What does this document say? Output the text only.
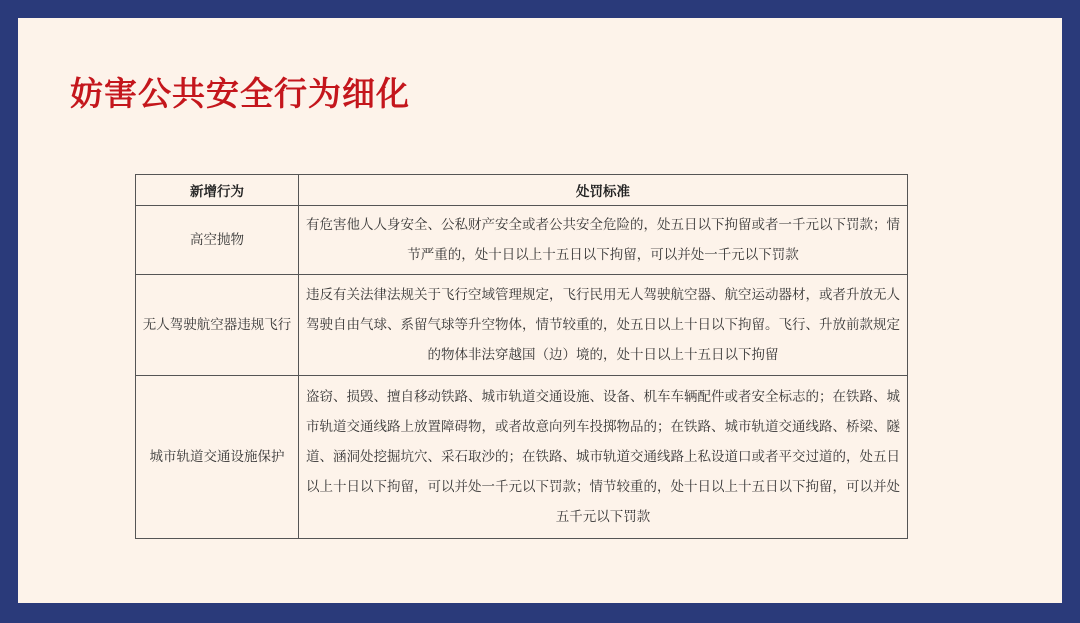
妨害公共安全行为细化
新增行为	处罚标准
高空抛物	有危害他人人身安全、公私财产安全或者公共安全危险的，处五日以下拘留或者一千元以下罚款；情节严重的，处十日以上十五日以下拘留，可以并处一千元以下罚款
无人驾驶航空器违规飞行	违反有关法律法规关于飞行空域管理规定，飞行民用无人驾驶航空器、航空运动器材，或者升放无人驾驶自由气球、系留气球等升空物体，情节较重的，处五日以上十日以下拘留。飞行、升放前款规定的物体非法穿越国（边）境的，处十日以上十五日以下拘留
城市轨道交通设施保护	盗窃、损毁、擅自移动铁路、城市轨道交通设施、设备、机车车辆配件或者安全标志的；在铁路、城市轨道交通线路上放置障碍物，或者故意向列车投掷物品的；在铁路、城市轨道交通线路、桥梁、隧道、涵洞处挖掘坑穴、采石取沙的；在铁路、城市轨道交通线路上私设道口或者平交过道的，处五日以上十日以下拘留，可以并处一千元以下罚款；情节较重的，处十日以上十五日以下拘留，可以并处五千元以下罚款
